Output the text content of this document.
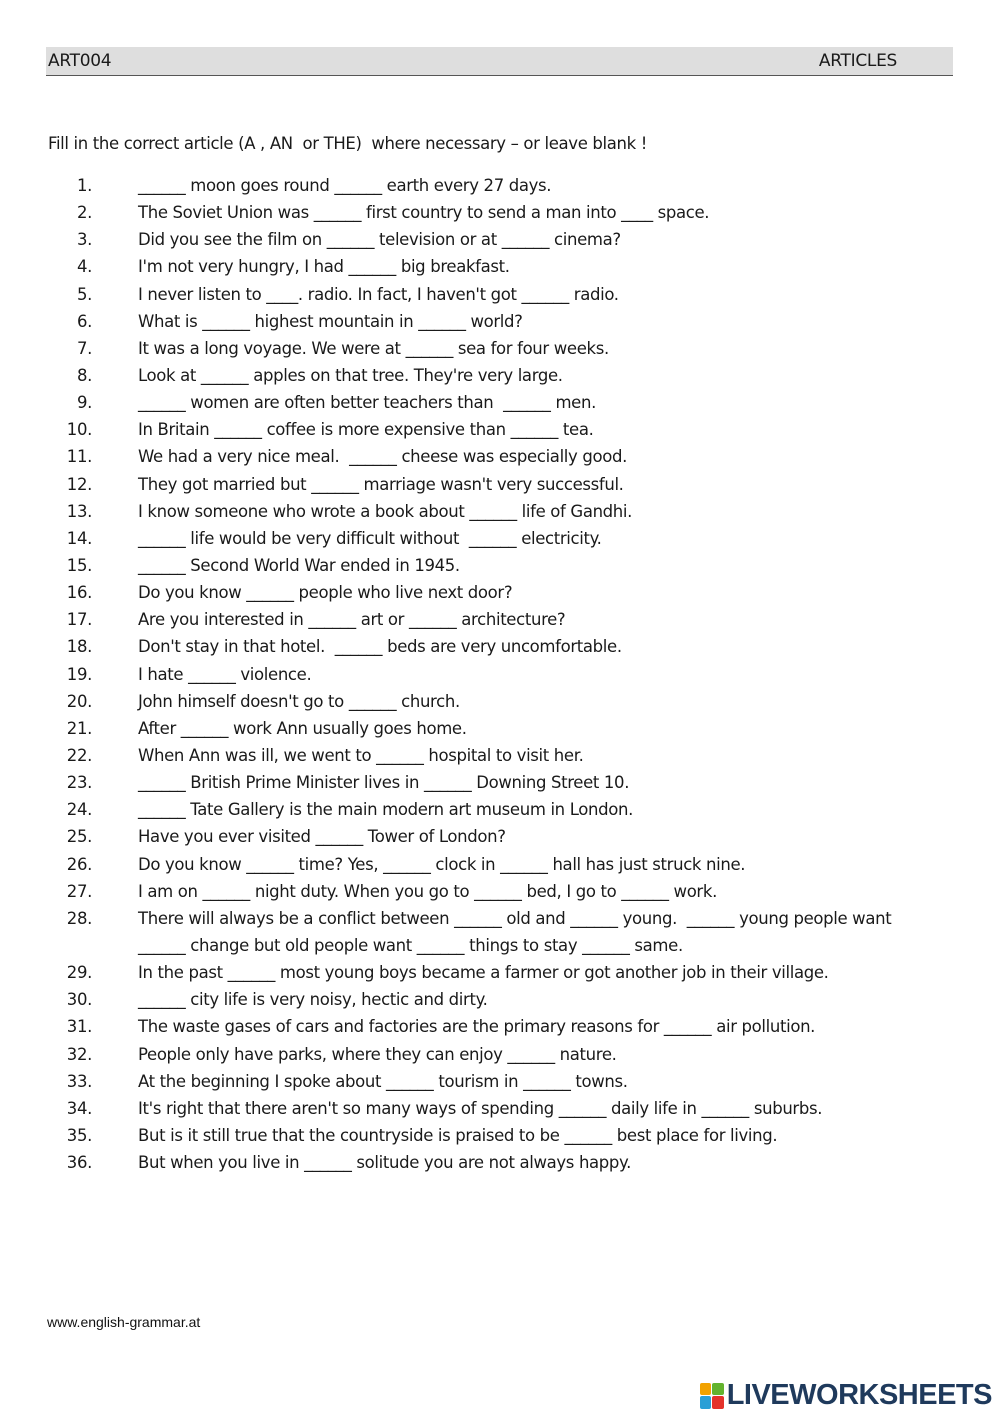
ART004	ARTICLES
Fill in the correct article (A , AN  or THE)  where necessary – or leave blank !
1.	______ moon goes round ______ earth every 27 days.
2.	The Soviet Union was ______ first country to send a man into ____ space.
3.	Did you see the film on ______ television or at ______ cinema?
4.	I'm not very hungry, I had ______ big breakfast.
5.	I never listen to ____. radio. In fact, I haven't got ______ radio.
6.	What is ______ highest mountain in ______ world?
7.	It was a long voyage. We were at ______ sea for four weeks.
8.	Look at ______ apples on that tree. They're very large.
9.	______ women are often better teachers than  ______ men.
10.	In Britain ______ coffee is more expensive than ______ tea.
11.	We had a very nice meal.  ______ cheese was especially good.
12.	They got married but ______ marriage wasn't very successful.
13.	I know someone who wrote a book about ______ life of Gandhi.
14.	______ life would be very difficult without  ______ electricity.
15.	______ Second World War ended in 1945.
16.	Do you know ______ people who live next door?
17.	Are you interested in ______ art or ______ architecture?
18.	Don't stay in that hotel.  ______ beds are very uncomfortable.
19.	I hate ______ violence.
20.	John himself doesn't go to ______ church.
21.	After ______ work Ann usually goes home.
22.	When Ann was ill, we went to ______ hospital to visit her.
23.	______ British Prime Minister lives in ______ Downing Street 10.
24.	______ Tate Gallery is the main modern art museum in London.
25.	Have you ever visited ______ Tower of London?
26.	Do you know ______ time? Yes, ______ clock in ______ hall has just struck nine.
27.	I am on ______ night duty. When you go to ______ bed, I go to ______ work.
28.	There will always be a conflict between ______ old and ______ young.  ______ young people want ______ change but old people want ______ things to stay ______ same.
29.	In the past ______ most young boys became a farmer or got another job in their village.
30.	______ city life is very noisy, hectic and dirty.
31.	The waste gases of cars and factories are the primary reasons for ______ air pollution.
32.	People only have parks, where they can enjoy ______ nature.
33.	At the beginning I spoke about ______ tourism in ______ towns.
34.	It's right that there aren't so many ways of spending ______ daily life in ______ suburbs.
35.	But is it still true that the countryside is praised to be ______ best place for living.
36.	But when you live in ______ solitude you are not always happy.
www.english-grammar.at
LIVEWORKSHEETS
